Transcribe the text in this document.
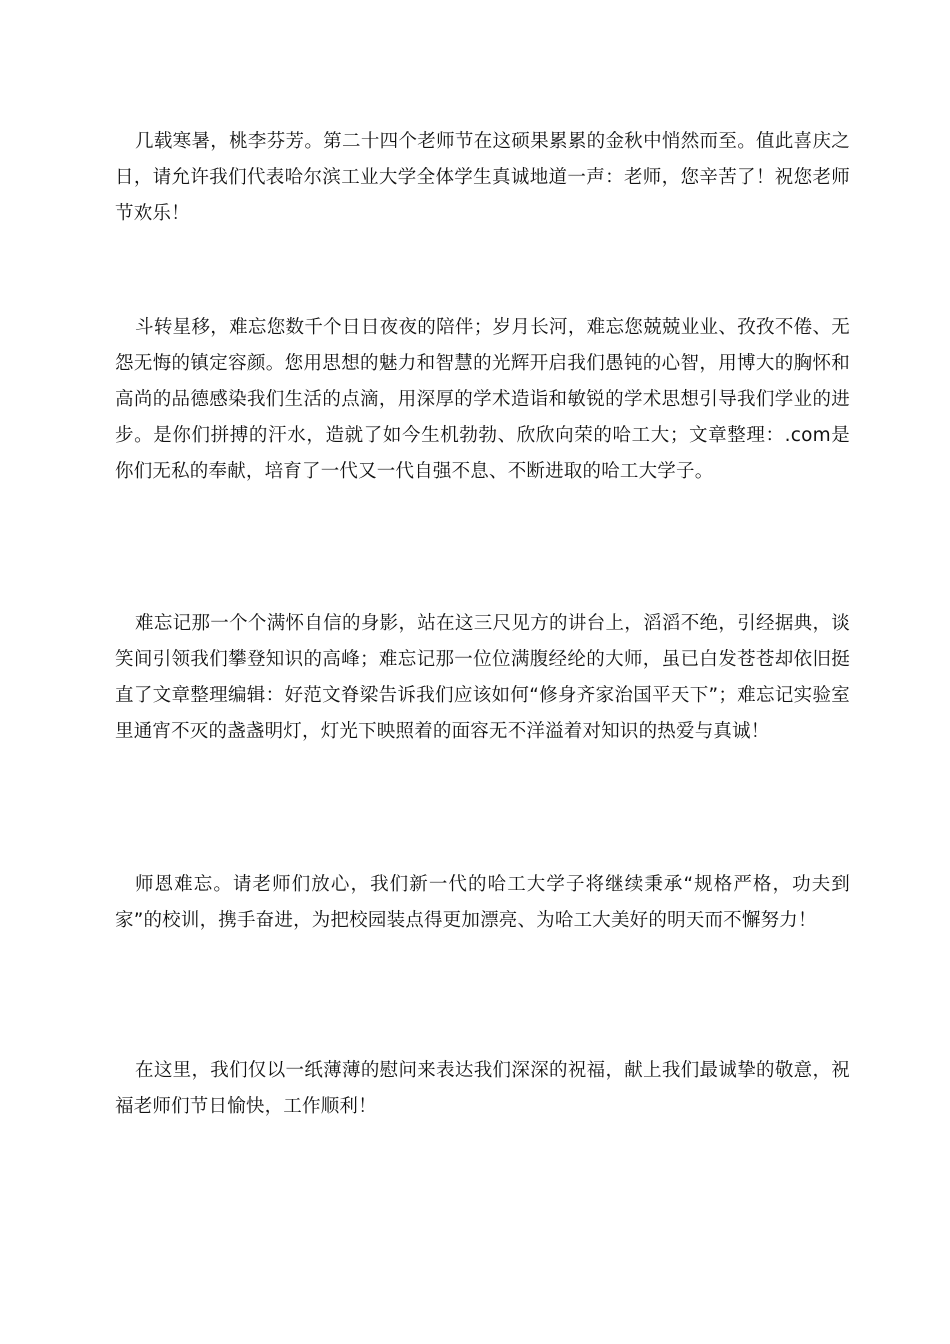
几载寒暑，桃李芬芳。第二十四个老师节在这硕果累累的金秋中悄然而至。值此喜庆之日，请允许我们代表哈尔滨工业大学全体学生真诚地道一声：老师，您辛苦了！祝您老师节欢乐！

斗转星移，难忘您数千个日日夜夜的陪伴；岁月长河，难忘您兢兢业业、孜孜不倦、无怨无悔的镇定容颜。您用思想的魅力和智慧的光辉开启我们愚钝的心智，用博大的胸怀和高尚的品德感染我们生活的点滴，用深厚的学术造诣和敏锐的学术思想引导我们学业的进步。是你们拼搏的汗水，造就了如今生机勃勃、欣欣向荣的哈工大；文章整理：.com是你们无私的奉献，培育了一代又一代自强不息、不断进取的哈工大学子。

难忘记那一个个满怀自信的身影，站在这三尺见方的讲台上，滔滔不绝，引经据典，谈笑间引领我们攀登知识的高峰；难忘记那一位位满腹经纶的大师，虽已白发苍苍却依旧挺直了文章整理编辑：好范文脊梁告诉我们应该如何“修身齐家治国平天下”；难忘记实验室里通宵不灭的盏盏明灯，灯光下映照着的面容无不洋溢着对知识的热爱与真诚！

师恩难忘。请老师们放心，我们新一代的哈工大学子将继续秉承“规格严格，功夫到家”的校训，携手奋进，为把校园装点得更加漂亮、为哈工大美好的明天而不懈努力！

在这里，我们仅以一纸薄薄的慰问来表达我们深深的祝福，献上我们最诚挚的敬意，祝福老师们节日愉快，工作顺利！
